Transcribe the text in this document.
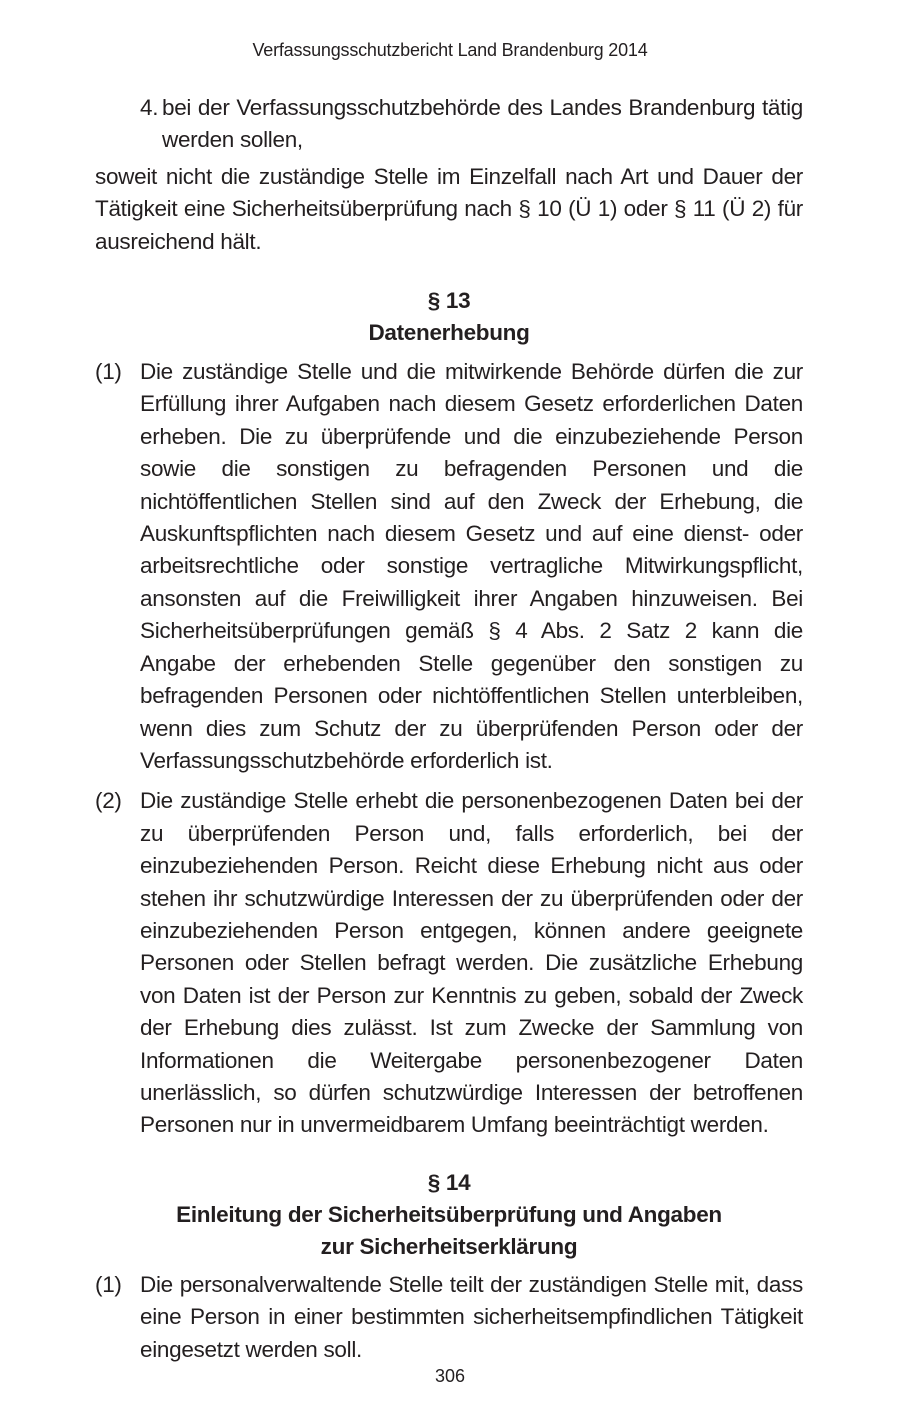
Verfassungsschutzbericht Land Brandenburg 2014
4. bei der Verfassungsschutzbehörde des Landes Brandenburg tätig werden sollen,
soweit nicht die zuständige Stelle im Einzelfall nach Art und Dauer der Tätigkeit eine Sicherheitsüberprüfung nach § 10 (Ü 1) oder § 11 (Ü 2) für ausreichend hält.
§ 13
Datenerhebung
(1) Die zuständige Stelle und die mitwirkende Behörde dürfen die zur Erfüllung ihrer Aufgaben nach diesem Gesetz erforderlichen Daten erheben. Die zu überprüfende und die einzubeziehende Person sowie die sonstigen zu befragenden Personen und die nichtöffentlichen Stellen sind auf den Zweck der Erhebung, die Auskunftspflichten nach diesem Gesetz und auf eine dienst- oder arbeitsrechtliche oder sonstige vertragliche Mitwirkungspflicht, ansonsten auf die Freiwilligkeit ihrer Angaben hinzuweisen. Bei Sicherheitsüberprüfungen gemäß § 4 Abs. 2 Satz 2 kann die Angabe der erhebenden Stelle gegenüber den sonstigen zu befragenden Personen oder nichtöffentlichen Stellen unterbleiben, wenn dies zum Schutz der zu überprüfenden Person oder der Verfassungsschutzbehörde erforderlich ist.
(2) Die zuständige Stelle erhebt die personenbezogenen Daten bei der zu überprüfenden Person und, falls erforderlich, bei der einzubeziehenden Person. Reicht diese Erhebung nicht aus oder stehen ihr schutzwürdige Interessen der zu überprüfenden oder der einzubeziehenden Person entgegen, können andere geeignete Personen oder Stellen befragt werden. Die zusätzliche Erhebung von Daten ist der Person zur Kenntnis zu geben, sobald der Zweck der Erhebung dies zulässt. Ist zum Zwecke der Sammlung von Informationen die Weitergabe personenbezogener Daten unerlässlich, so dürfen schutzwürdige Interessen der betroffenen Personen nur in unvermeidbarem Umfang beeinträchtigt werden.
§ 14
Einleitung der Sicherheitsüberprüfung und Angaben
zur Sicherheitserklärung
(1) Die personalverwaltende Stelle teilt der zuständigen Stelle mit, dass eine Person in einer bestimmten sicherheitsempfindlichen Tätigkeit eingesetzt werden soll.
306
